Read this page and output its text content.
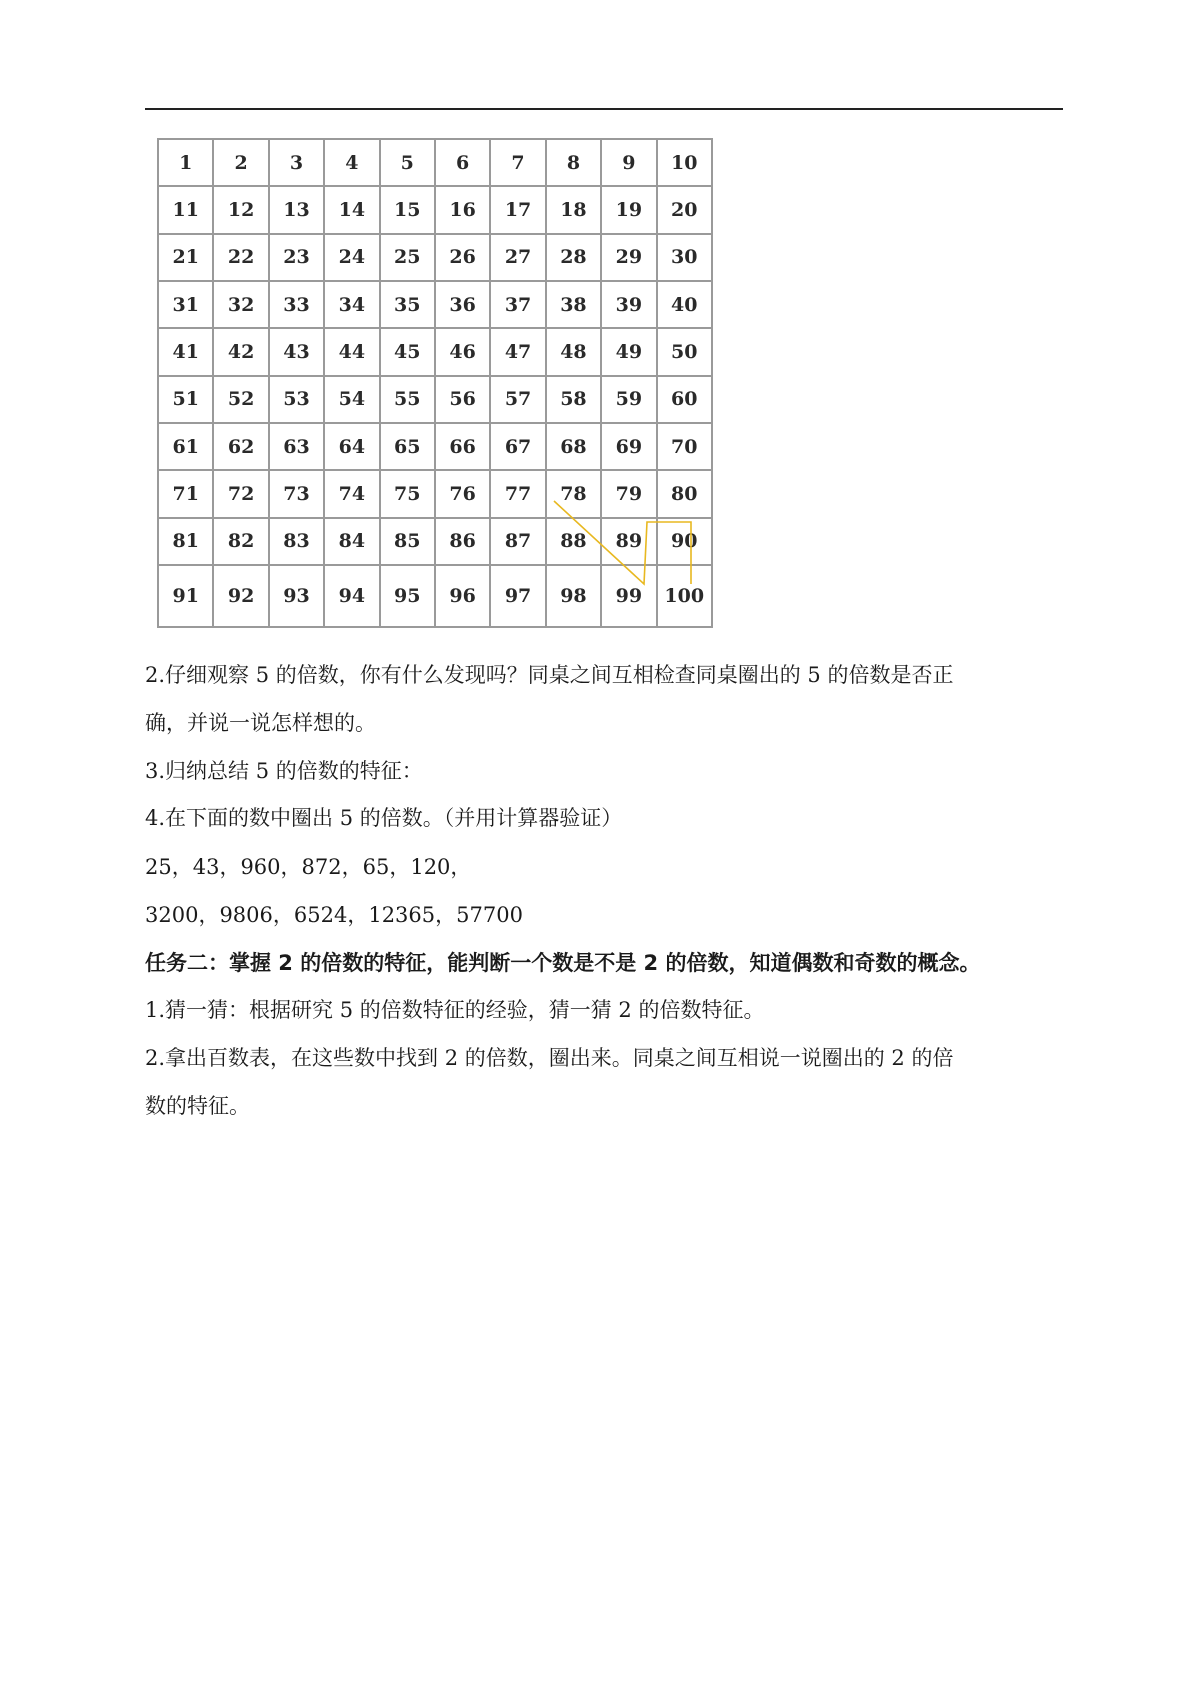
1	2	3	4	5	6	7	8	9	10
11	12	13	14	15	16	17	18	19	20
21	22	23	24	25	26	27	28	29	30
31	32	33	34	35	36	37	38	39	40
41	42	43	44	45	46	47	48	49	50
51	52	53	54	55	56	57	58	59	60
61	62	63	64	65	66	67	68	69	70
71	72	73	74	75	76	77	78	79	80
81	82	83	84	85	86	87	88	89	90
91	92	93	94	95	96	97	98	99	100
2.仔细观察 5 的倍数，你有什么发现吗？同桌之间互相检查同桌圈出的 5 的倍数是否正
确，并说一说怎样想的。
3.归纳总结 5 的倍数的特征：
4.在下面的数中圈出 5 的倍数。（并用计算器验证）
25，43，960，872，65，120，
3200，9806，6524，12365，57700
任务二：掌握 2 的倍数的特征，能判断一个数是不是 2 的倍数，知道偶数和奇数的概念。
1.猜一猜：根据研究 5 的倍数特征的经验，猜一猜 2 的倍数特征。
2.拿出百数表，在这些数中找到 2 的倍数，圈出来。同桌之间互相说一说圈出的 2 的倍
数的特征。
